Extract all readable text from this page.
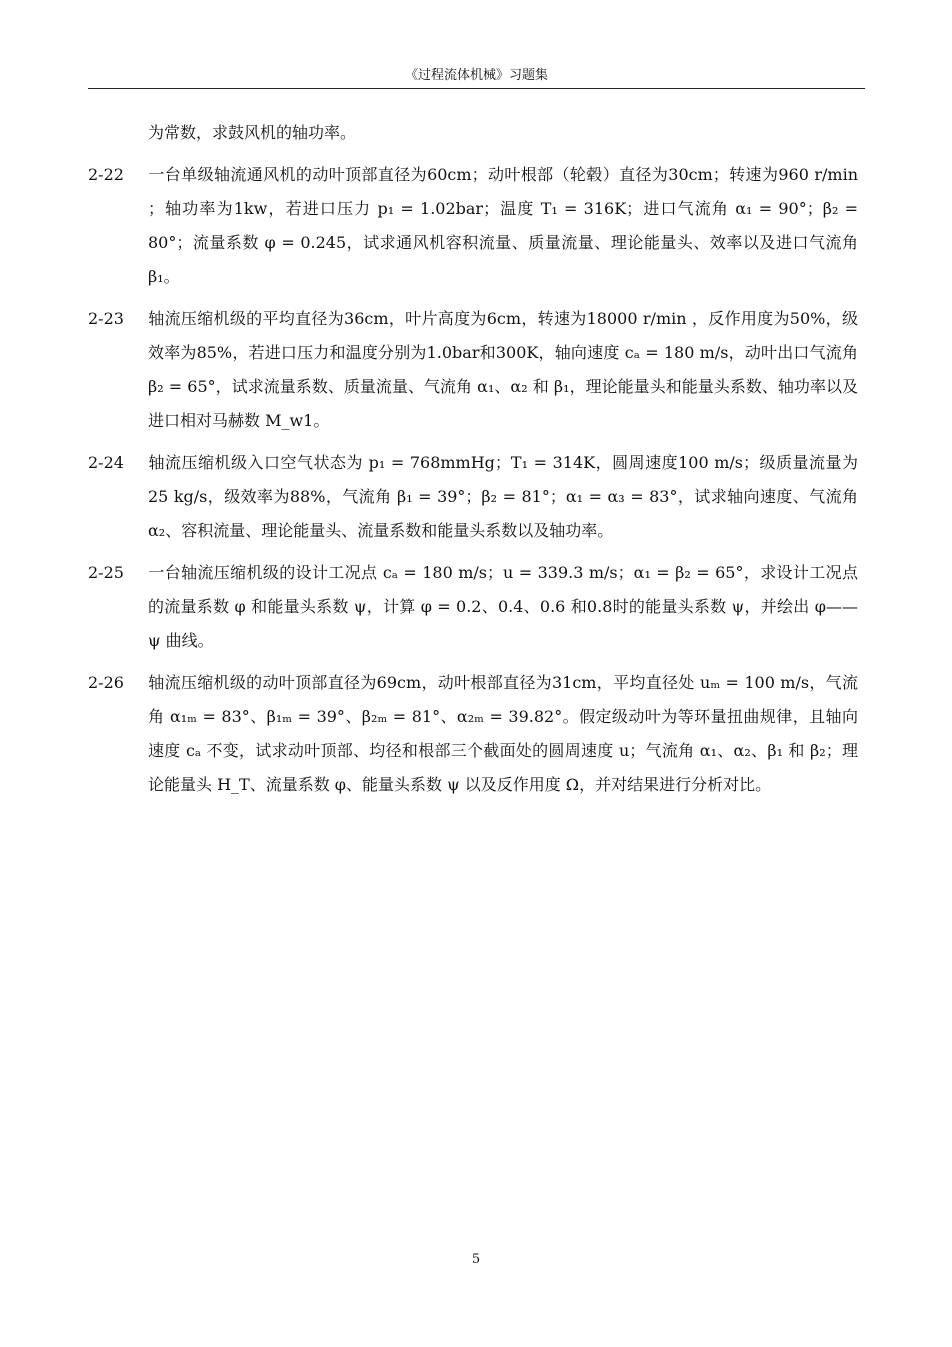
《过程流体机械》习题集

为常数，求鼓风机的轴功率。

2-22 一台单级轴流通风机的动叶顶部直径为60cm；动叶根部（轮毂）直径为30cm；转速为960 r/min ；轴功率为1kw，若进口压力 p₁ = 1.02bar；温度 T₁ = 316K；进口气流角 α₁ = 90°；β₂ = 80°；流量系数 φ = 0.245，试求通风机容积流量、质量流量、理论能量头、效率以及进口气流角 β₁。

2-23 轴流压缩机级的平均直径为36cm，叶片高度为6cm，转速为18000 r/min ，反作用度为50%，级效率为85%，若进口压力和温度分别为1.0bar和300K，轴向速度 cₐ = 180 m/s，动叶出口气流角 β₂ = 65°，试求流量系数、质量流量、气流角 α₁、α₂ 和 β₁，理论能量头和能量头系数、轴功率以及进口相对马赫数 M_w1。

2-24 轴流压缩机级入口空气状态为 p₁ = 768mmHg；T₁ = 314K，圆周速度100 m/s；级质量流量为25 kg/s，级效率为88%，气流角 β₁ = 39°；β₂ = 81°；α₁ = α₃ = 83°，试求轴向速度、气流角 α₂、容积流量、理论能量头、流量系数和能量头系数以及轴功率。

2-25 一台轴流压缩机级的设计工况点 cₐ = 180 m/s；u = 339.3 m/s；α₁ = β₂ = 65°，求设计工况点的流量系数 φ 和能量头系数 ψ，计算 φ = 0.2、0.4、0.6 和0.8时的能量头系数 ψ，并绘出 φ——ψ 曲线。

2-26 轴流压缩机级的动叶顶部直径为69cm，动叶根部直径为31cm，平均直径处 uₘ = 100 m/s，气流角 α₁ₘ = 83°、β₁ₘ = 39°、β₂ₘ = 81°、α₂ₘ = 39.82°。假定级动叶为等环量扭曲规律，且轴向速度 cₐ 不变，试求动叶顶部、均径和根部三个截面处的圆周速度 u；气流角 α₁、α₂、β₁ 和 β₂；理论能量头 H_T、流量系数 φ、能量头系数 ψ 以及反作用度 Ω，并对结果进行分析对比。

5
